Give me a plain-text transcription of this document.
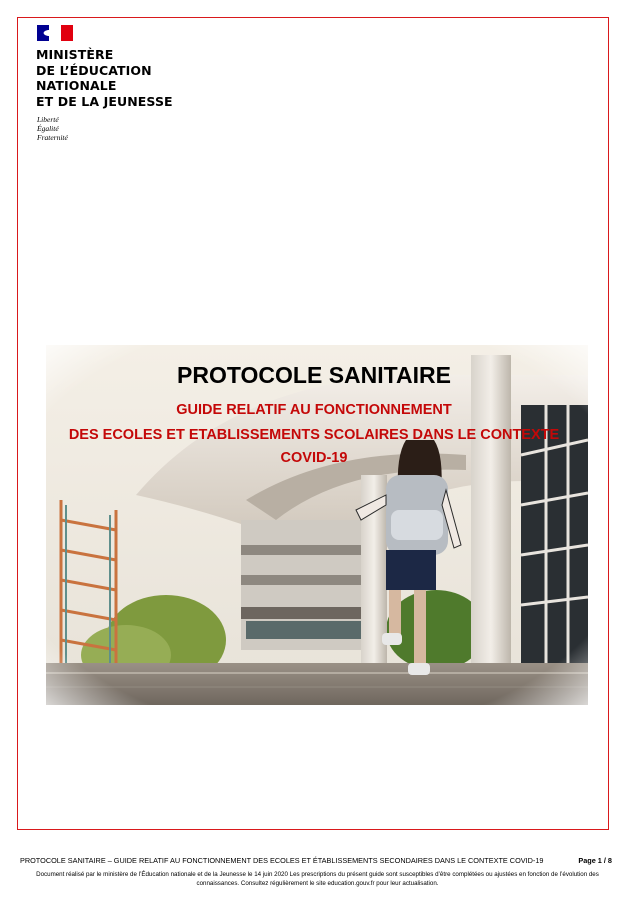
MINISTÈRE
DE L’ÉDUCATION
NATIONALE
ET DE LA JEUNESSE
Liberté
Égalité
Fraternité
PROTOCOLE SANITAIRE
GUIDE RELATIF AU FONCTIONNEMENT
DES ECOLES ET ETABLISSEMENTS SCOLAIRES DANS LE CONTEXTE
COVID-19
PROTOCOLE SANITAIRE – GUIDE RELATIF AU FONCTIONNEMENT DES ECOLES ET ÉTABLISSEMENTS SECONDAIRES DANS LE CONTEXTE COVID-19	Page 1 / 8
Document réalisé par le ministère de l’Éducation nationale et de la Jeunesse le 14 juin 2020 Les prescriptions du présent guide sont susceptibles d’être complétées ou ajustées en fonction de l’évolution des connaissances. Consultez régulièrement le site education.gouv.fr pour leur actualisation.
